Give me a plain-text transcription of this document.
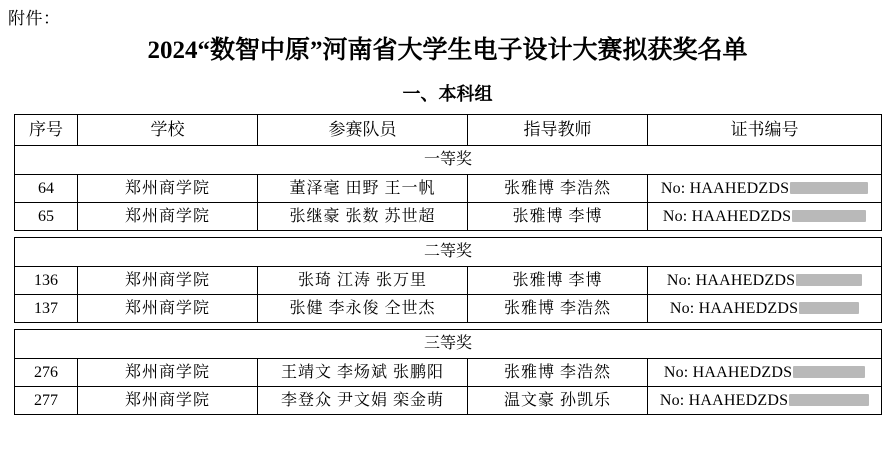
附件：
2024“数智中原”河南省大学生电子设计大赛拟获奖名单
一、本科组
序号	学校	参赛队员	指导教师	证书编号
一等奖				
64	郑州商学院	董泽毫 田野 王一帆	张雅博 李浩然	No: HAAHEDZDS
65	郑州商学院	张继豪 张数 苏世超	张雅博 李博	No: HAAHEDZDS

二等奖				
136	郑州商学院	张琦 江涛 张万里	张雅博 李博	No: HAAHEDZDS
137	郑州商学院	张健 李永俊 仝世杰	张雅博 李浩然	No: HAAHEDZDS

三等奖				
276	郑州商学院	王靖文 李炀斌 张鹏阳	张雅博 李浩然	No: HAAHEDZDS
277	郑州商学院	李登众 尹文娟 栾金萌	温文豪 孙凯乐	No: HAAHEDZDS
